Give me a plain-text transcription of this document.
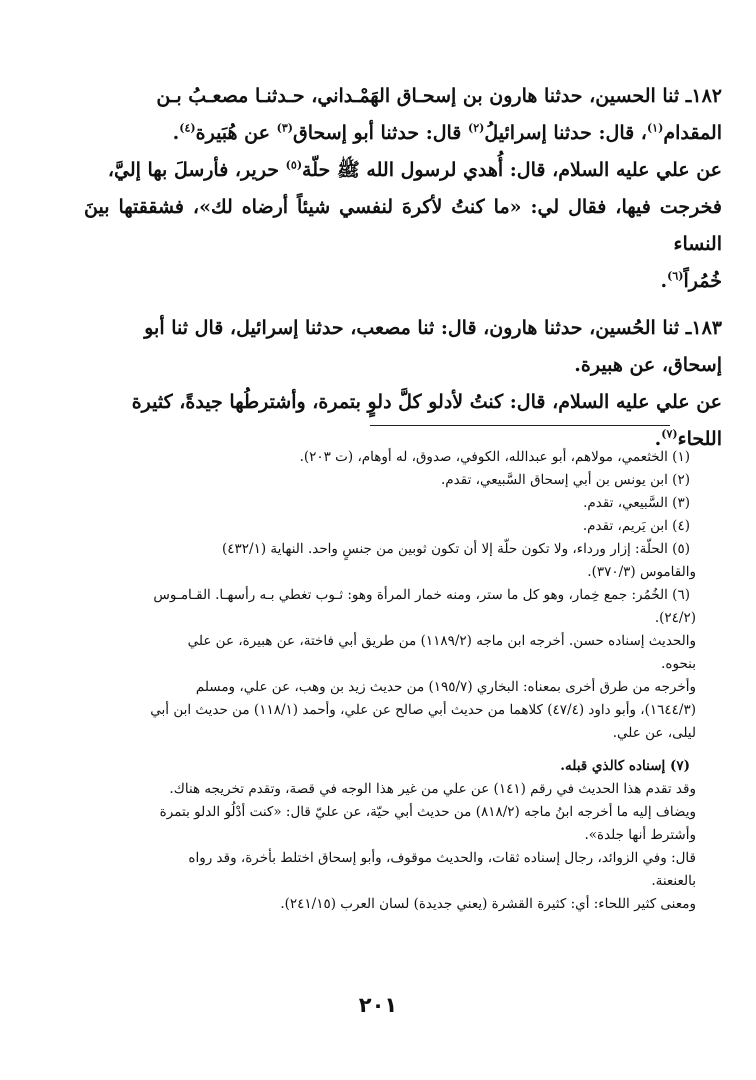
١٨٢ـ ثنا الحسين، حدثنا هارون بن إسحـاق الهَمْـداني، حـدثنـا مصعـبُ بـن

المقدام$^{(١)}$، قال: حدثنا إسرائيلُ$^{(٢)}$ قال: حدثنا أبو إسحاق$^{(٣)}$ عن هُبَيرة$^{(٤)}$.

عن علي عليه السلام، قال: أُهدي لرسول الله ﷺ حلّة$^{(٥)}$ حرير، فأرسلَ بها إليَّ،

فخرجت فيها، فقال لي: «ما كنتُ لأكرهَ لنفسي شيئاً أرضاه لك»، فشققتها بينَ النساء

خُمُراً$^{(٦)}$.

١٨٣ـ ثنا الحُسين، حدثنا هارون، قال: ثنا مصعب، حدثنا إسرائيل، قال ثنا أبو

إسحاق، عن هبيرة.

عن علي عليه السلام، قال: كنتُ لأدلو كلَّ دلوٍ بتمرة، وأشترطُها جيدةً، كثيرة

اللحاء$^{(٧)}$.

(١) الخثعمي، مولاهم، أبو عبدالله، الكوفي، صدوق، له أوهام، (ت ٢٠٣).

(٢) ابن يونس بن أبي إسحاق السَّبيعي، تقدم.

(٣) السَّبيعي، تقدم.

(٤) ابن يَريم، تقدم.

(٥) الحلّة: إزار ورداء، ولا تكون حلّة إلا أن تكون ثوبين من جنسٍ واحد. النهاية (٤٣٢/١)

والقاموس (٣٧٠/٣).

(٦) الخُمُر: جمع خِمار، وهو كل ما ستر، ومنه خمار المرأة وهو: ثـوب تغطي بـه رأسهـا. القـامـوس

(٢٤/٢).

والحديث إسناده حسن. أخرجه ابن ماجه (١١٨٩/٢) من طريق أبي فاختة، عن هبيرة، عن علي

بنحوه.

وأخرجه من طرق أخرى بمعناه: البخاري (١٩٥/٧) من حديث زيد بن وهب، عن علي، ومسلم

(١٦٤٤/٣)، وأبو داود (٤٧/٤) كلاهما من حديث أبي صالح عن علي، وأحمد (١١٨/١) من حديث ابن أبي

ليلى، عن علي.

(٧) إسناده كالذي قبله.

وقد تقدم هذا الحديث في رقم (١٤١) عن علي من غير هذا الوجه في قصة، وتقدم تخريجه هناك.

ويضاف إليه ما أخرجه ابنُ ماجه (٨١٨/٢) من حديث أبي حيّة، عن عليّ قال: «كنت أدْلُو الدلو بتمرة

وأشترط أنها جلدة».

قال: وفي الزوائد، رجال إسناده ثقات، والحديث موقوف، وأبو إسحاق اختلط بأخرة، وقد رواه

بالعنعنة.

ومعنى كثير اللحاء: أي: كثيرة القشرة (يعني جديدة) لسان العرب (٢٤١/١٥).

٢٠١
